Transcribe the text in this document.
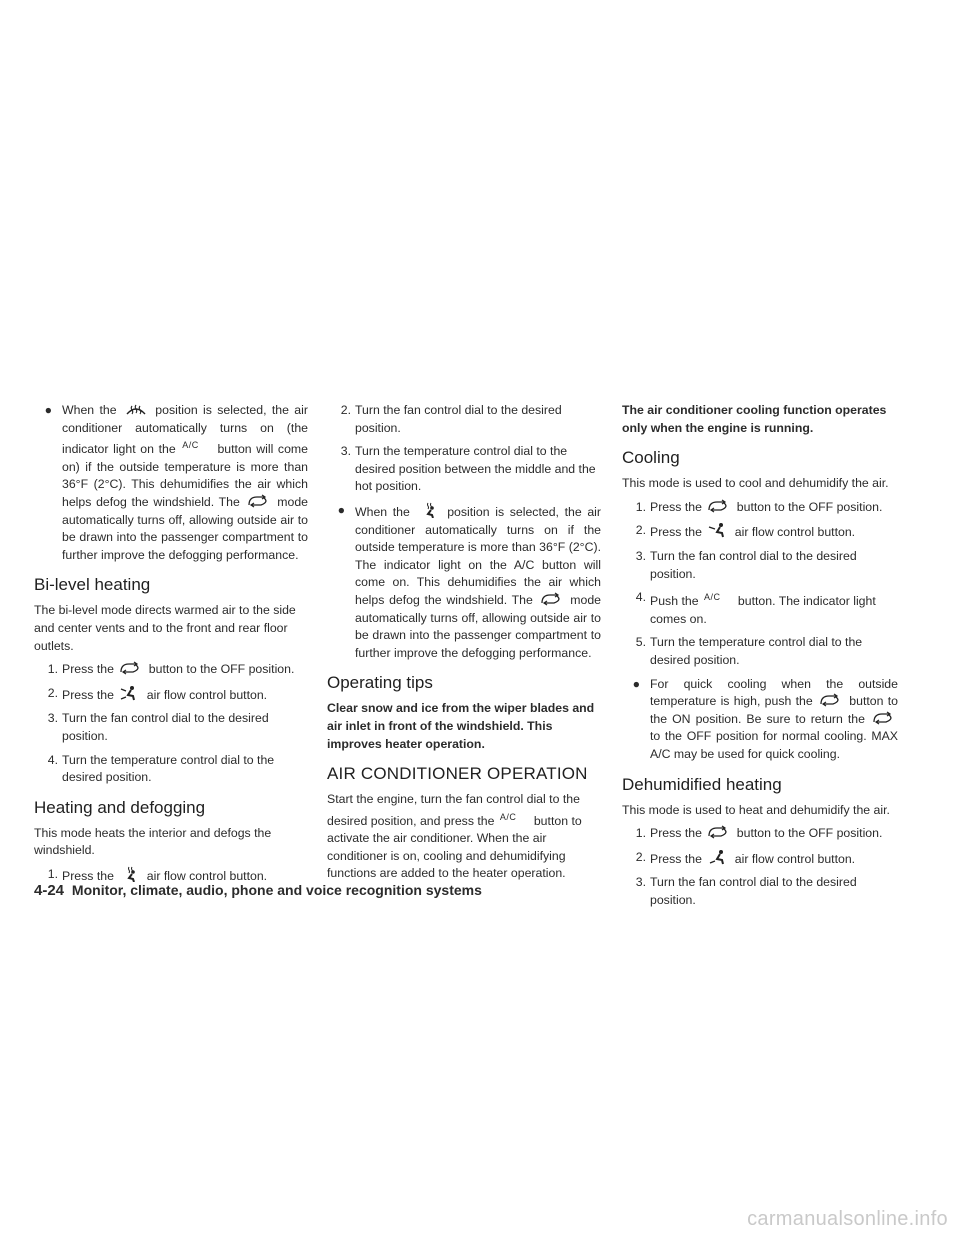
● When the	position is selected, the air conditioner automatically turns on (the indicator light on the $^{A/C}$ button will come on) if the outside temperature is more than 36°F (2°C). This dehumidifies the air which helps defog the windshield. The	mode automatically turns off, allowing outside air to be drawn into the passenger compartment to further improve the defogging performance.
Bi-level heating

The bi-level mode directs warmed air to the side and center vents and to the front and rear floor outlets.

1. Press the	button to the OFF position.
2. Press the	air flow control button.
3. Turn the fan control dial to the desired position.
4. Turn the temperature control dial to the desired position.
Heating and defogging

This mode heats the interior and defogs the windshield.

1. Press the	air flow control button.
2. Turn the fan control dial to the desired position.
3. Turn the temperature control dial to the desired position between the middle and the hot position.
● When the	position is selected, the air conditioner automatically turns on if the outside temperature is more than 36°F (2°C). The indicator light on the A/C button will come on. This dehumidifies the air which helps defog the windshield. The	mode automatically turns off, allowing outside air to be drawn into the passenger compartment to further improve the defogging performance.
Operating tips

Clear snow and ice from the wiper blades and air inlet in front of the windshield. This improves heater operation.

AIR CONDITIONER OPERATION

Start the engine, turn the fan control dial to the desired position, and press the $^{A/C}$ button to activate the air conditioner. When the air conditioner is on, cooling and dehumidifying functions are added to the heater operation.

The air conditioner cooling function operates only when the engine is running.

Cooling

This mode is used to cool and dehumidify the air.

1. Press the	button to the OFF position.
2. Press the	air flow control button.
3. Turn the fan control dial to the desired position.
4. Push the $^{A/C}$ button. The indicator light comes on.
5. Turn the temperature control dial to the desired position.
● For quick cooling when the outside temperature is high, push the	button to the ON position. Be sure to return the
to the OFF position for normal cooling. MAX A/C may be used for quick cooling.
Dehumidified heating

This mode is used to heat and dehumidify the air.

1. Press the	button to the OFF position.
2. Press the	air flow control button.
3. Turn the fan control dial to the desired position.
4-24 Monitor, climate, audio, phone and voice recognition systems
carmanualsonline.info
